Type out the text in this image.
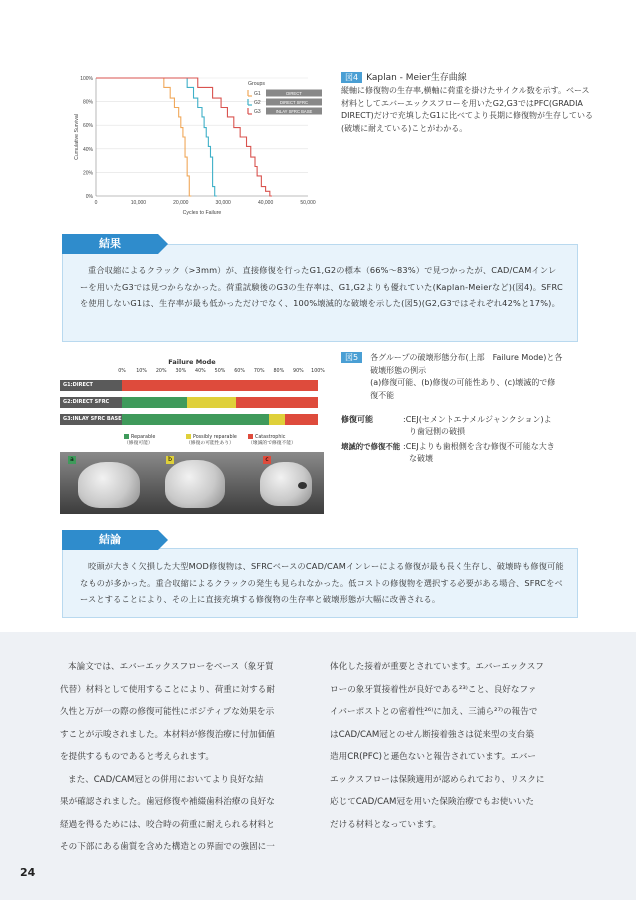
0%
20%
40%
60%
80%
100%
0	10,000	20,000	30,000	40,000	50,000
Cycles to Failure
Cumulative Survival
Groups
G1	DIRECT
G2	DIRECT SFRC
G3	INLAY SFRC BASE
図4 Kaplan - Meier生存曲線
縦軸に修復物の生存率,横軸に荷重を掛けたサイクル数を示す。ベース材料としてエバーエックスフローを用いたG2,G3ではPFC(GRADIA DIRECT)だけで充填したG1に比べてより長期に修復物が生存している(破壊に耐えている)ことがわかる。
結果
重合収縮によるクラック（>3mm）が、直接修復を行ったG1,G2の標本（66%～83%）で見つかったが、CAD/CAMインレーを用いたG3では見つからなかった。荷重試験後のG3の生存率は、G1,G2よりも優れていた(Kaplan-Meierなど)(図4)。SFRCを使用しないG1は、生存率が最も低かっただけでなく、100%壊滅的な破壊を示した(図5)(G2,G3ではそれぞれ42%と17%)。
Failure Mode
0% 10% 20% 30% 40% 50% 60% 70% 80% 90% 100%
G1:DIRECT
G2:DIRECT SFRC
G3:INLAY SFRC BASE
Reparable
（修復可能）
Possibly reparable
（修復の可能性あり）
Catastrophic
（壊滅的で修復不能）
a	b	c
図5	各グループの破壊形態分布(上部　Failure Mode)と各
破壊形態の例示
(a)修復可能、(b)修復の可能性あり、(c)壊滅的で修
復不能
修復可能	:CEJ(セメントエナメルジャンクション)よ
り歯冠側の破損
壊滅的で修復不能 :CEJよりも歯根側を含む修復不可能な大き
な破壊
結論
咬頭が大きく欠損した大型MOD修復物は、SFRCベースのCAD/CAMインレーによる修復が最も長く生存し、破壊時も修復可能なものが多かった。重合収縮によるクラックの発生も見られなかった。低コストの修復物を選択する必要がある場合、SFRCをベースとすることにより、その上に直接充填する修復物の生存率と破壊形態が大幅に改善される。
本論文では、エバーエックスフローをベース（象牙質
代替）材料として使用することにより、荷重に対する耐
久性と万が一の際の修復可能性にポジティブな効果を示
すことが示唆されました。本材料が修復治療に付加価値
を提供するものであると考えられます。
また、CAD/CAM冠との併用においてより良好な結
果が確認されました。歯冠修復や補綴歯科治療の良好な
経過を得るためには、咬合時の荷重に耐えられる材料と
その下部にある歯質を含めた構造との界面での強固に一
体化した接着が重要とされています。エバーエックスフ
ローの象牙質接着性が良好である²³⁾こと、良好なファ
イバーポストとの密着性²⁶⁾に加え、三浦ら²⁷⁾の報告で
はCAD/CAM冠とのせん断接着強さは従来型の支台築
造用CR(PFC)と遜色ないと報告されています。エバー
エックスフローは保険適用が認められており、リスクに
応じてCAD/CAM冠を用いた保険治療でもお使いいた
だける材料となっています。
24
